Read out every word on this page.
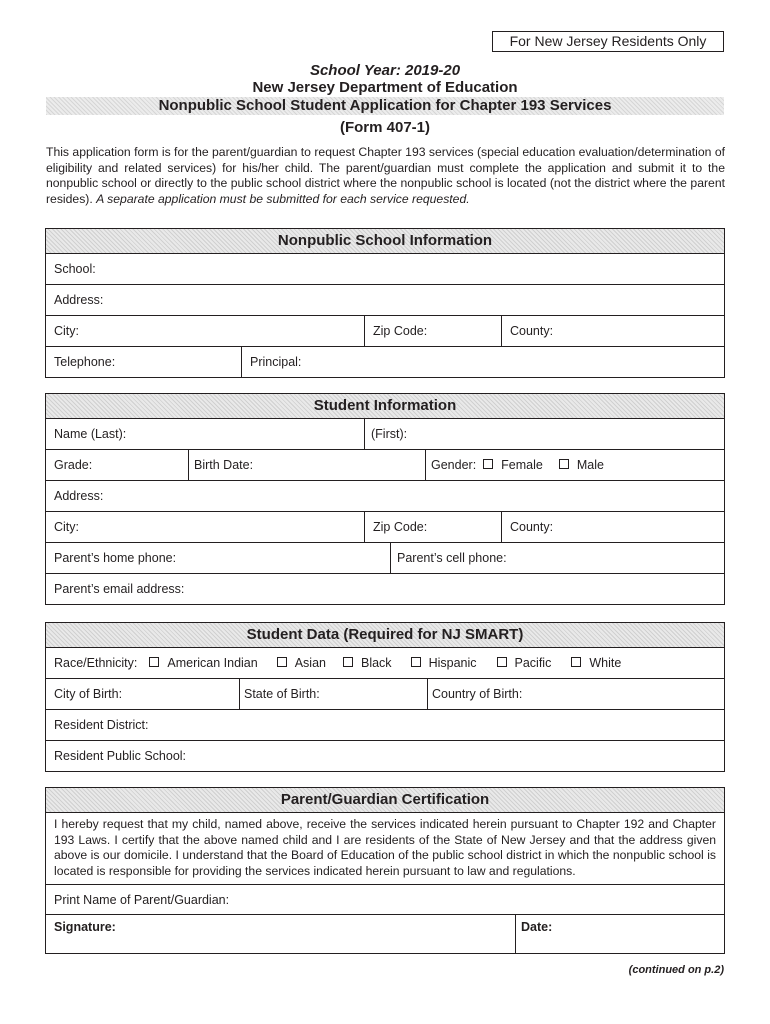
For New Jersey Residents Only
School Year: 2019-20
New Jersey Department of Education
Nonpublic School Student Application for Chapter 193 Services
(Form 407-1)

This application form is for the parent/guardian to request Chapter 193 services (special education evaluation/determination of eligibility and related services) for his/her child. The parent/guardian must complete the application and submit it to the nonpublic school or directly to the public school district where the nonpublic school is located (not the district where the parent resides). A separate application must be submitted for each service requested.

Nonpublic School Information
School:
Address:
City:	Zip Code:	County:
Telephone:	Principal:
Student Information
Name (Last):	(First):
Grade:	Birth Date:	Gender: Female	Male
Address:
City:	Zip Code:	County:
Parent’s home phone:	Parent’s cell phone:
Parent’s email address:
Student Data (Required for NJ SMART)
Race/Ethnicity: American Indian	Asian	Black	Hispanic	Pacific	White
City of Birth:	State of Birth:	Country of Birth:
Resident District:
Resident Public School:
Parent/Guardian Certification
I hereby request that my child, named above, receive the services indicated herein pursuant to Chapter 192 and Chapter 193 Laws. I certify that the above named child and I are residents of the State of New Jersey and that the address given above is our domicile. I understand that the Board of Education of the public school district in which the nonpublic school is located is responsible for providing the services indicated herein pursuant to law and regulations.
Print Name of Parent/Guardian:
Signature:	Date:
(continued on p.2)
